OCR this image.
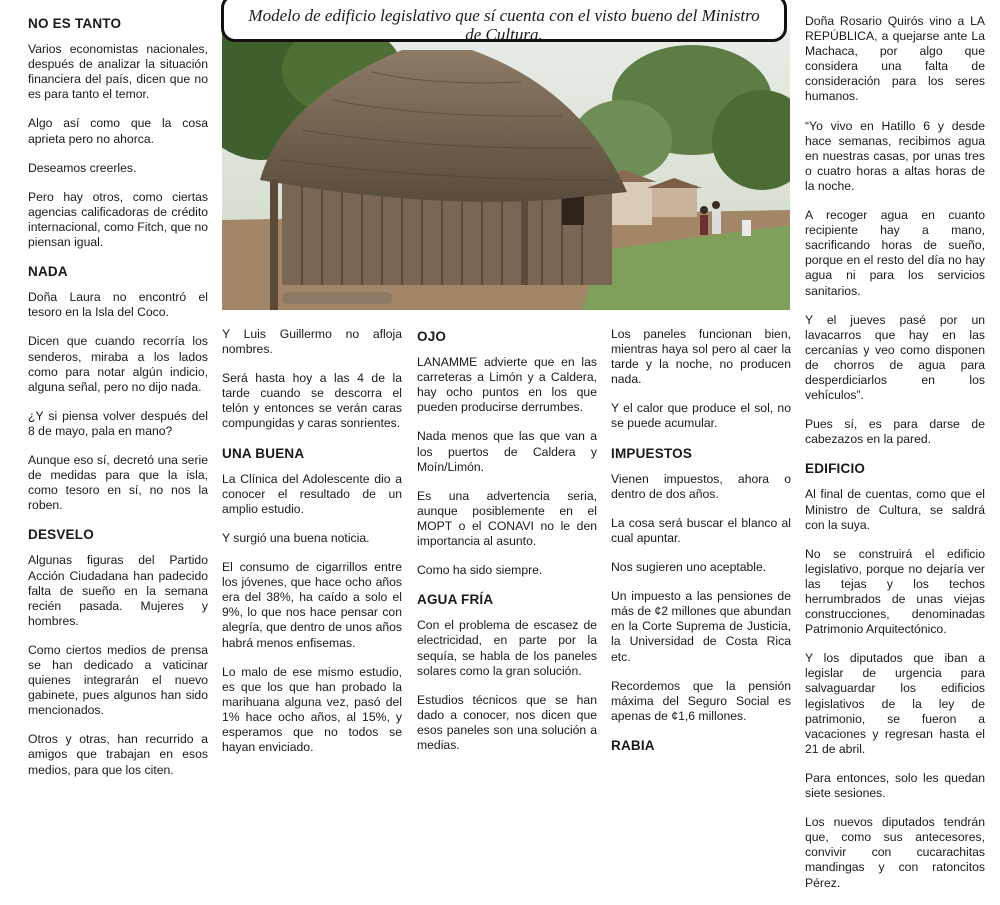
NO ES TANTO

Varios economistas nacionales, después de analizar la situación financiera del país, dicen que no es para tanto el temor.

Algo así como que la cosa aprieta pero no ahorca.

Deseamos creerles.

Pero hay otros, como ciertas agencias calificadoras de crédito internacional, como Fitch, que no piensan igual.

NADA

Doña Laura no encontró el tesoro en la Isla del Coco.

Dicen que cuando recorría los senderos, miraba a los lados como para notar algún indicio, alguna señal, pero no dijo nada.

¿Y si piensa volver después del 8 de mayo, pala en mano?

Aunque eso sí, decretó una serie de medidas para que la isla, como tesoro en sí, no nos la roben.

DESVELO

Algunas figuras del Partido Acción Ciudadana han padecido falta de sueño en la semana recién pasada. Mujeres y hombres.

Como ciertos medios de prensa se han dedicado a vaticinar quienes integrarán el nuevo gabinete, pues algunos han sido mencionados.

Otros y otras, han recurrido a amigos que trabajan en esos medios, para que los citen.

Modelo de edificio legislativo que sí cuenta con el visto bueno del Ministro de Cultura.

Y Luis Guillermo no afloja nombres.

Será hasta hoy a las 4 de la tarde cuando se descorra el telón y entonces se verán caras compungidas y caras sonrientes.

UNA BUENA

La Clínica del Adolescente dio a conocer el resultado de un amplio estudio.

Y surgió una buena noticia.

El consumo de cigarrillos entre los jóvenes, que hace ocho años era del 38%, ha caído a solo el 9%, lo que nos hace pensar con alegría, que dentro de unos años habrá menos enfisemas.

Lo malo de ese mismo estudio, es que los que han probado la marihuana alguna vez, pasó del 1% hace ocho años, al 15%, y esperamos que no todos se hayan enviciado.

OJO

LANAMME advierte que en las carreteras a Limón y a Caldera, hay ocho puntos en los que pueden producirse derrumbes.

Nada menos que las que van a los puertos de Caldera y Moín/Limón.

Es una advertencia seria, aunque posiblemente en el MOPT o el CONAVI no le den importancia al asunto.

Como ha sido siempre.

AGUA FRÍA

Con el problema de escasez de electricidad, en parte por la sequía, se habla de los paneles solares como la gran solución.

Estudios técnicos que se han dado a conocer, nos dicen que esos paneles son una solución a medias.

Los paneles funcionan bien, mientras haya sol pero al caer la tarde y la noche, no producen nada.

Y el calor que produce el sol, no se puede acumular.

IMPUESTOS

Vienen impuestos, ahora o dentro de dos años.

La cosa será buscar el blanco al cual apuntar.

Nos sugieren uno aceptable.

Un impuesto a las pensiones de más de ¢2 millones que abundan en la Corte Suprema de Justicia, la Universidad de Costa Rica etc.

Recordemos que la pensión máxima del Seguro Social es apenas de ¢1,6 millones.

RABIA

Doña Rosario Quirós vino a LA REPÚBLICA, a quejarse ante La Machaca, por algo que considera una falta de consideración para los seres humanos.

“Yo vivo en Hatillo 6 y desde hace semanas, recibimos agua en nuestras casas, por unas tres o cuatro horas a altas horas de la noche.

A recoger agua en cuanto recipiente hay a mano, sacrificando horas de sueño, porque en el resto del día no hay agua ni para los servicios sanitarios.

Y el jueves pasé por un lavacarros que hay en las cercanías y veo como disponen de chorros de agua para desperdiciarlos en los vehículos”.

Pues sí, es para darse de cabezazos en la pared.

EDIFICIO

Al final de cuentas, como que el Ministro de Cultura, se saldrá con la suya.

No se construirá el edificio legislativo, porque no dejaría ver las tejas y los techos herrumbrados de unas viejas construcciones, denominadas Patrimonio Arquitectónico.

Y los diputados que iban a legislar de urgencia para salvaguardar los edificios legislativos de la ley de patrimonio, se fueron a vacaciones y regresan hasta el 21 de abril.

Para entonces, solo les quedan siete sesiones.

Los nuevos diputados tendrán que, como sus antecesores, convivir con cucarachitas mandingas y con ratoncitos Pérez.
